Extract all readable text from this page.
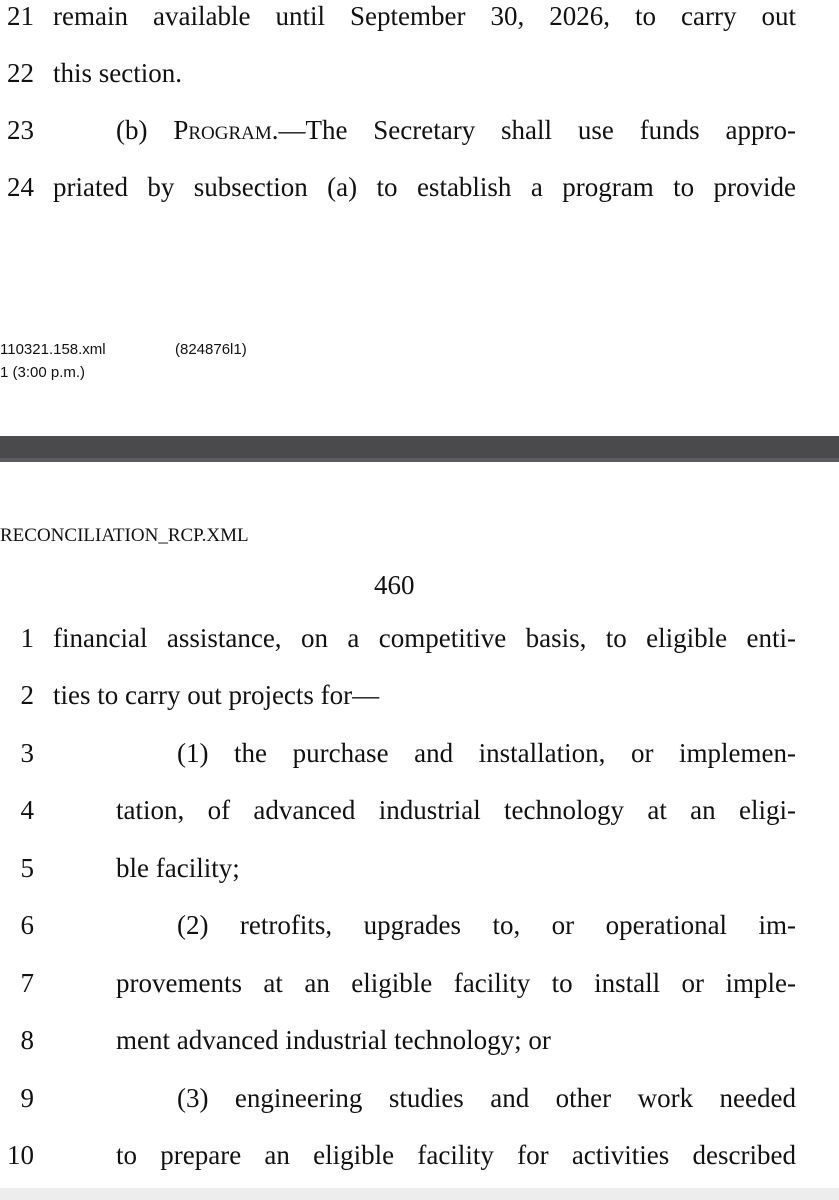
21 remain available until September 30, 2026, to carry out
22 this section.
23	(b) Program.—The Secretary shall use funds appro-
24 priated by subsection (a) to establish a program to provide
110321.158.xml	(824876l1)
1 (3:00 p.m.)
RECONCILIATION_RCP.XML
460
1 financial assistance, on a competitive basis, to eligible enti-
2 ties to carry out projects for—
3	(1) the purchase and installation, or implemen-
4	tation, of advanced industrial technology at an eligi-
5	ble facility;
6	(2) retrofits, upgrades to, or operational im-
7	provements at an eligible facility to install or imple-
8	ment advanced industrial technology; or
9	(3) engineering studies and other work needed
10	to prepare an eligible facility for activities described
